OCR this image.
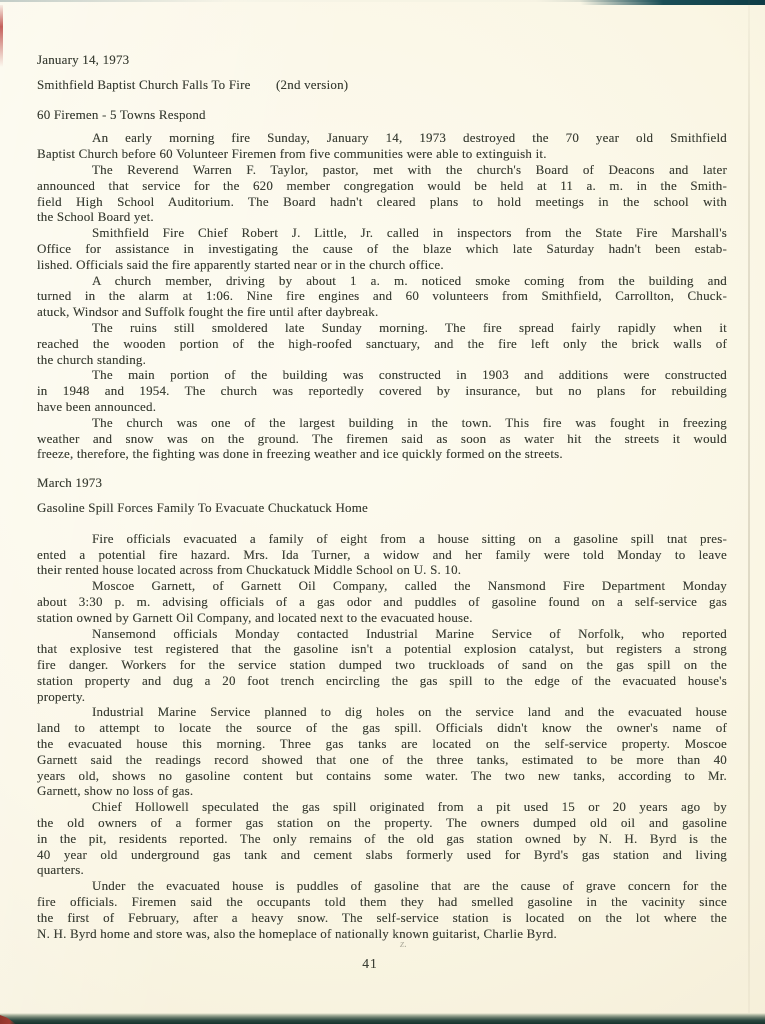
January 14, 1973
Smithfield Baptist Church Falls To Fire (2nd version)
60 Firemen - 5 Towns Respond
An early morning fire Sunday, January 14, 1973 destroyed the 70 year old Smithfield
Baptist Church before 60 Volunteer Firemen from five communities were able to extinguish it.
The Reverend Warren F. Taylor, pastor, met with the church's Board of Deacons and later
announced that service for the 620 member congregation would be held at 11 a. m. in the Smith-
field High School Auditorium. The Board hadn't cleared plans to hold meetings in the school with
the School Board yet.
Smithfield Fire Chief Robert J. Little, Jr. called in inspectors from the State Fire Marshall's
Office for assistance in investigating the cause of the blaze which late Saturday hadn't been estab-
lished. Officials said the fire apparently started near or in the church office.
A church member, driving by about 1 a. m. noticed smoke coming from the building and
turned in the alarm at 1:06. Nine fire engines and 60 volunteers from Smithfield, Carrollton, Chuck-
atuck, Windsor and Suffolk fought the fire until after daybreak.
The ruins still smoldered late Sunday morning. The fire spread fairly rapidly when it
reached the wooden portion of the high-roofed sanctuary, and the fire left only the brick walls of
the church standing.
The main portion of the building was constructed in 1903 and additions were constructed
in 1948 and 1954. The church was reportedly covered by insurance, but no plans for rebuilding
have been announced.
The church was one of the largest building in the town. This fire was fought in freezing
weather and snow was on the ground. The firemen said as soon as water hit the streets it would
freeze, therefore, the fighting was done in freezing weather and ice quickly formed on the streets.
March 1973
Gasoline Spill Forces Family To Evacuate Chuckatuck Home
Fire officials evacuated a family of eight from a house sitting on a gasoline spill tnat pres-
ented a potential fire hazard. Mrs. Ida Turner, a widow and her family were told Monday to leave
their rented house located across from Chuckatuck Middle School on U. S. 10.
Moscoe Garnett, of Garnett Oil Company, called the Nansmond Fire Department Monday
about 3:30 p. m. advising officials of a gas odor and puddles of gasoline found on a self-service gas
station owned by Garnett Oil Company, and located next to the evacuated house.
Nansemond officials Monday contacted Industrial Marine Service of Norfolk, who reported
that explosive test registered that the gasoline isn't a potential explosion catalyst, but registers a strong
fire danger. Workers for the service station dumped two truckloads of sand on the gas spill on the
station property and dug a 20 foot trench encircling the gas spill to the edge of the evacuated house's
property.
Industrial Marine Service planned to dig holes on the service land and the evacuated house
land to attempt to locate the source of the gas spill. Officials didn't know the owner's name of
the evacuated house this morning. Three gas tanks are located on the self-service property. Moscoe
Garnett said the readings record showed that one of the three tanks, estimated to be more than 40
years old, shows no gasoline content but contains some water. The two new tanks, according to Mr.
Garnett, show no loss of gas.
Chief Hollowell speculated the gas spill originated from a pit used 15 or 20 years ago by
the old owners of a former gas station on the property. The owners dumped old oil and gasoline
in the pit, residents reported. The only remains of the old gas station owned by N. H. Byrd is the
40 year old underground gas tank and cement slabs formerly used for Byrd's gas station and living
quarters.
Under the evacuated house is puddles of gasoline that are the cause of grave concern for the
fire officials. Firemen said the occupants told them they had smelled gasoline in the vacinity since
the first of February, after a heavy snow. The self-service station is located on the lot where the
N. H. Byrd home and store was, also the homeplace of nationally known guitarist, Charlie Byrd.
z.
41
